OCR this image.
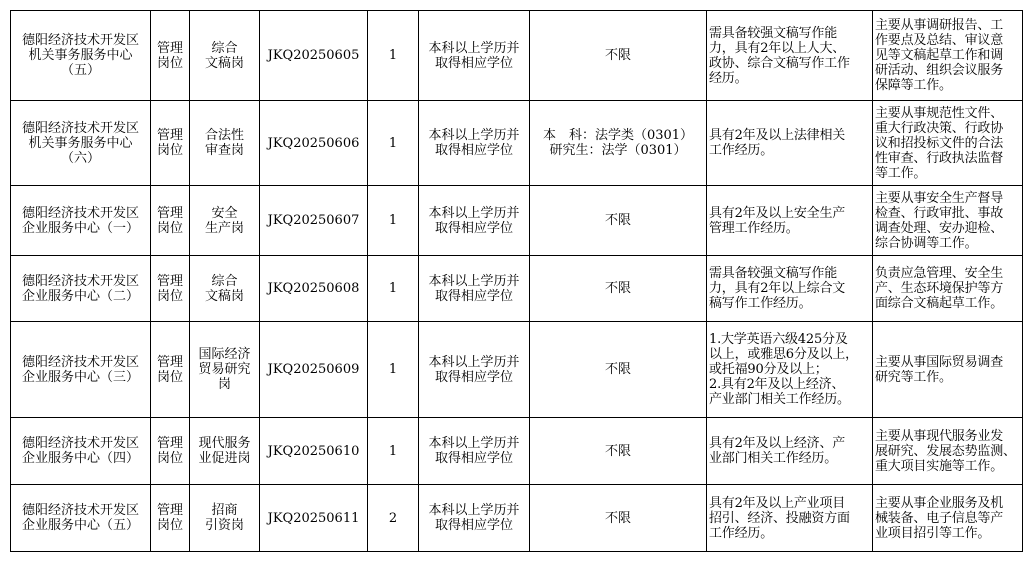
德阳经济技术开发区
机关事务服务中心
（五）	管理
岗位	综合
文稿岗	JKQ20250605	1	本科以上学历并
取得相应学位	不限	需具备较强文稿写作能
力，具有2年以上人大、
政协、综合文稿写作工作
经历。	主要从事调研报告、工
作要点及总结、审议意
见等文稿起草工作和调
研活动、组织会议服务
保障等工作。

德阳经济技术开发区
机关事务服务中心
（六）	管理
岗位	合法性
审查岗	JKQ20250606	1	本科以上学历并
取得相应学位	本　科：法学类（0301）
研究生：法学（0301）	具有2年及以上法律相关
工作经历。	主要从事规范性文件、
重大行政决策、行政协
议和招投标文件的合法
性审查、行政执法监督
等工作。

德阳经济技术开发区
企业服务中心（一）	管理
岗位	安全
生产岗	JKQ20250607	1	本科以上学历并
取得相应学位	不限	具有2年及以上安全生产
管理工作经历。	主要从事安全生产督导
检查、行政审批、事故
调查处理、安办迎检、
综合协调等工作。

德阳经济技术开发区
企业服务中心（二）	管理
岗位	综合
文稿岗	JKQ20250608	1	本科以上学历并
取得相应学位	不限	需具备较强文稿写作能
力，具有2年以上综合文
稿写作工作经历。	负责应急管理、安全生
产、生态环境保护等方
面综合文稿起草工作。

德阳经济技术开发区
企业服务中心（三）	管理
岗位	国际经济
贸易研究
岗	JKQ20250609	1	本科以上学历并
取得相应学位	不限	1.大学英语六级425分及
以上，或雅思6分及以上，
或托福90分及以上；
2.具有2年及以上经济、
产业部门相关工作经历。	主要从事国际贸易调查
研究等工作。

德阳经济技术开发区
企业服务中心（四）	管理
岗位	现代服务
业促进岗	JKQ20250610	1	本科以上学历并
取得相应学位	不限	具有2年及以上经济、产
业部门相关工作经历。	主要从事现代服务业发
展研究、发展态势监测、
重大项目实施等工作。

德阳经济技术开发区
企业服务中心（五）	管理
岗位	招商
引资岗	JKQ20250611	2	本科以上学历并
取得相应学位	不限	具有2年及以上产业项目
招引、经济、投融资方面
工作经历。	主要从事企业服务及机
械装备、电子信息等产
业项目招引等工作。
